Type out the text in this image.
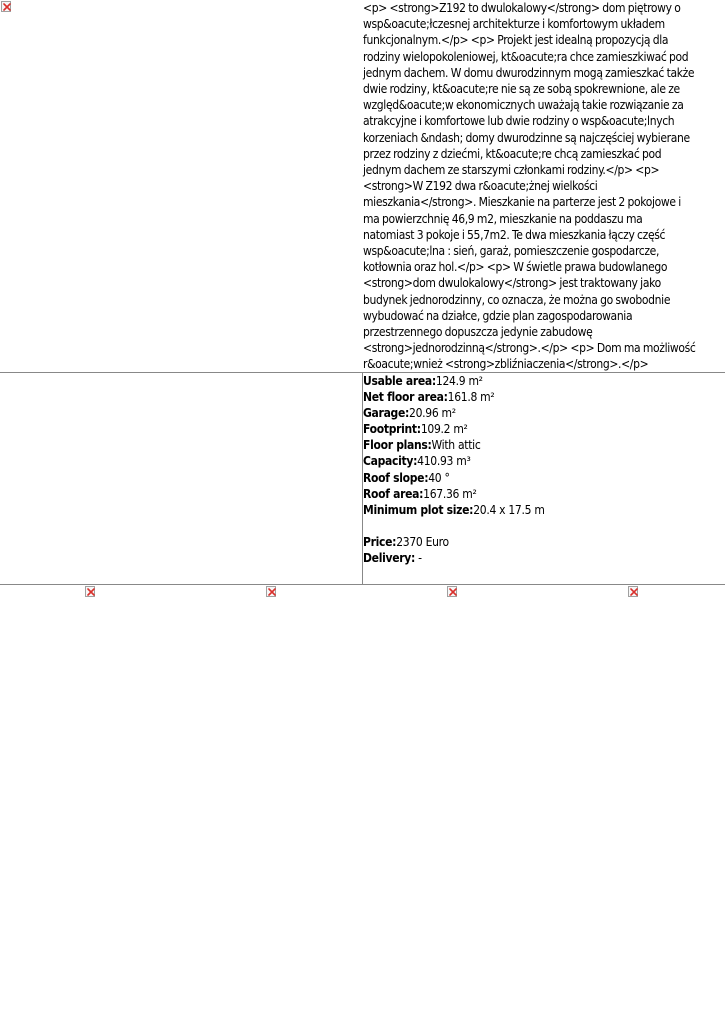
<p> <strong>Z192 to dwulokalowy</strong> dom piętrowy o
wsp&oacute;łczesnej architekturze i komfortowym układem
funkcjonalnym.</p> <p> Projekt jest idealną propozycją dla
rodziny wielopokoleniowej, kt&oacute;ra chce zamieszkiwać pod
jednym dachem. W domu dwurodzinnym mogą zamieszkać także
dwie rodziny, kt&oacute;re nie są ze sobą spokrewnione, ale ze
względ&oacute;w ekonomicznych uważają takie rozwiązanie za
atrakcyjne i komfortowe lub dwie rodziny o wsp&oacute;lnych
korzeniach &ndash; domy dwurodzinne są najczęściej wybierane
przez rodziny z dziećmi, kt&oacute;re chcą zamieszkać pod
jednym dachem ze starszymi członkami rodziny.</p> <p>
<strong>W Z192 dwa r&oacute;żnej wielkości
mieszkania</strong>. Mieszkanie na parterze jest 2 pokojowe i
ma powierzchnię 46,9 m2, mieszkanie na poddaszu ma
natomiast 3 pokoje i 55,7m2. Te dwa mieszkania łączy część
wsp&oacute;lna : sień, garaż, pomieszczenie gospodarcze,
kotłownia oraz hol.</p> <p> W świetle prawa budowlanego
<strong>dom dwulokalowy</strong> jest traktowany jako
budynek jednorodzinny, co oznacza, że można go swobodnie
wybudować na działce, gdzie plan zagospodarowania
przestrzennego dopuszcza jedynie zabudowę
<strong>jednorodzinną</strong>.</p> <p> Dom ma możliwość
r&oacute;wnież <strong>zbliźniaczenia</strong>.</p>
Usable area:124.9 m²
Net floor area:161.8 m²
Garage:20.96 m²
Footprint:109.2 m²
Floor plans:With attic
Capacity:410.93 m³
Roof slope:40 °
Roof area:167.36 m²
Minimum plot size:20.4 x 17.5 m
Price:2370 Euro
Delivery: -
